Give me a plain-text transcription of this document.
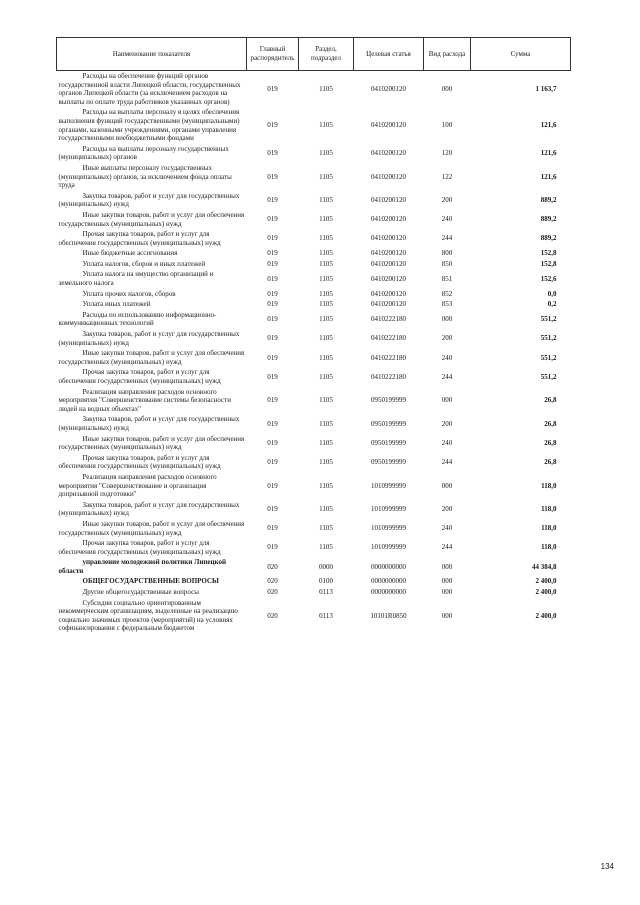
Наименование показателя	Главный распорядитель	Раздел, подраздел	Целевая статья	Вид расхода	Сумма

Расходы на обеспечение функций органов государственной власти Липецкой области, государственных органов Липецкой области (за исключением расходов на выплаты по оплате труда работников указанных органов)	019	1105	0410200120	000	1 163,7

Расходы на выплаты персоналу в целях обеспечения выполнения функций государственными (муниципальными) органами, казенными учреждениями, органами управления государственными внебюджетными фондами	019	1105	0410200120	100	121,6

Расходы на выплаты персоналу государственных (муниципальных) органов	019	1105	0410200120	120	121,6

Иные выплаты персоналу государственных (муниципальных) органов, за исключением фонда оплаты труда	019	1105	0410200120	122	121,6

Закупка товаров, работ и услуг для государственных (муниципальных) нужд	019	1105	0410200120	200	889,2

Иные закупки товаров, работ и услуг для обеспечения государственных (муниципальных) нужд	019	1105	0410200120	240	889,2

Прочая закупка товаров, работ и услуг для обеспечения государственных (муниципальных) нужд	019	1105	0410200120	244	889,2

Иные бюджетные ассигнования	019	1105	0410200120	800	152,8

Уплата налогов, сборов и иных платежей	019	1105	0410200120	850	152,8

Уплата налога на имущество организаций и земельного налога	019	1105	0410200120	851	152,6

Уплата прочих налогов, сборов	019	1105	0410200120	852	0,0

Уплата иных платежей	019	1105	0410200120	853	0,2

Расходы по использованию информационно-коммуникационных технологий	019	1105	0410222180	000	551,2

Закупка товаров, работ и услуг для государственных (муниципальных) нужд	019	1105	0410222180	200	551,2

Иные закупки товаров, работ и услуг для обеспечения государственных (муниципальных) нужд	019	1105	0410222180	240	551,2

Прочая закупка товаров, работ и услуг для обеспечения государственных (муниципальных) нужд	019	1105	0410222180	244	551,2

Реализация направления расходов основного мероприятия "Совершенствование системы безопасности людей на водных объектах"	019	1105	0950199999	000	26,8

Закупка товаров, работ и услуг для государственных (муниципальных) нужд	019	1105	0950199999	200	26,8

Иные закупки товаров, работ и услуг для обеспечения государственных (муниципальных) нужд	019	1105	0950199999	240	26,8

Прочая закупка товаров, работ и услуг для обеспечения государственных (муниципальных) нужд	019	1105	0950199999	244	26,8

Реализация направления расходов основного мероприятия "Совершенствование и организация допризывной подготовки"	019	1105	1010999999	000	118,0

Закупка товаров, работ и услуг для государственных (муниципальных) нужд	019	1105	1010999999	200	118,0

Иные закупки товаров, работ и услуг для обеспечения государственных (муниципальных) нужд	019	1105	1010999999	240	118,0

Прочая закупка товаров, работ и услуг для обеспечения государственных (муниципальных) нужд	019	1105	1010999999	244	118,0

управление молодежной политики Липецкой области	020	0000	0000000000	000	44 384,8

ОБЩЕГОСУДАРСТВЕННЫЕ ВОПРОСЫ	020	0100	0000000000	000	2 400,0

Другие общегосударственные вопросы	020	0113	0000000000	000	2 400,0

Субсидии социально ориентированным некоммерческим организациям, выделенные на реализацию социально значимых проектов (мероприятий) на условиях софинансирования с федеральным бюджетом	020	0113	10101R0850	000	2 400,0
134
